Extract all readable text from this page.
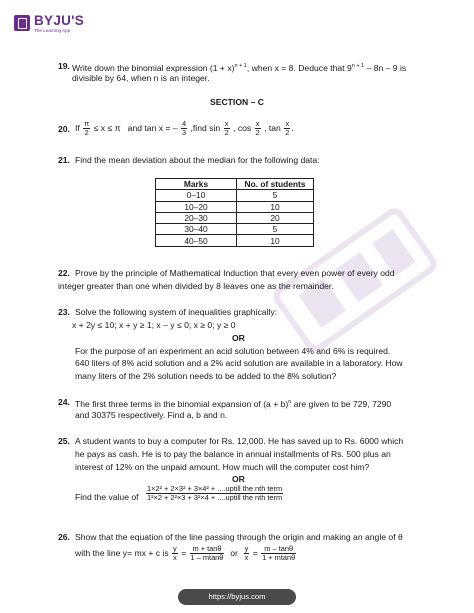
BYJU'S
The Learning App
19. Write down the binomial expression $(1 + x)^{n + 1}$, when x = 8. Deduce that $9^{n + 1} - 8n - 9$ is
divisible by 64, when n is an integer.
SECTION – C
20. If $\frac{\pi}{2} \le x \le \pi$ and tan x = – $\frac{4}{3}$ ,find $\sin \frac{x}{2}$ , $\cos \frac{x}{2}$ , $\tan \frac{x}{2}$ .
21. Find the mean deviation about the median for the following data:
Marks	No. of students
0–10	5
10–20	10
20–30	20
30–40	5
40–50	10
22. Prove by the principle of Mathematical Induction that every even power of every odd
integer greater than one when divided by 8 leaves one as the remainder.
23. Solve the following system of inequalities graphically:
x + 2y ≤ 10; x + y ≥ 1; x – y ≤ 0; x ≥ 0; y ≥ 0
OR
For the purpose of an experiment an acid solution between 4% and 6% is required.
640 liters of 8% acid solution and a 2% acid solution are available in a laboratory. How
many liters of the 2% solution needs to be added to the 8% solution?
24. The first three terms in the binomial expansion of $(a + b)^n$ are given to be 729, 7290
and 30375 respectively. Find a, b and n.
25. A student wants to buy a computer for Rs. 12,000. He has saved up to Rs. 6000 which
he pays as cash. He is to pay the balance in annual installments of Rs. 500 plus an
interest of 12% on the unpaid amount. How much will the computer cost him?
OR
Find the value of $\frac{\text{1×2² + 2×3² + 3×4² + ....uptill the nth term}}{\text{1²×2 + 2²×3 + 3²×4 + ....uptill the nth term}}$
26. Show that the equation of the line passing through the origin and making an angle of θ
with the line y= mx + c is $\frac{y}{x} = \frac{m + \tan\theta}{1 - mtan\theta}$ or $\frac{y}{x} = \frac{m - \tan\theta}{1 + mtan\theta}$
https://byjus.com
